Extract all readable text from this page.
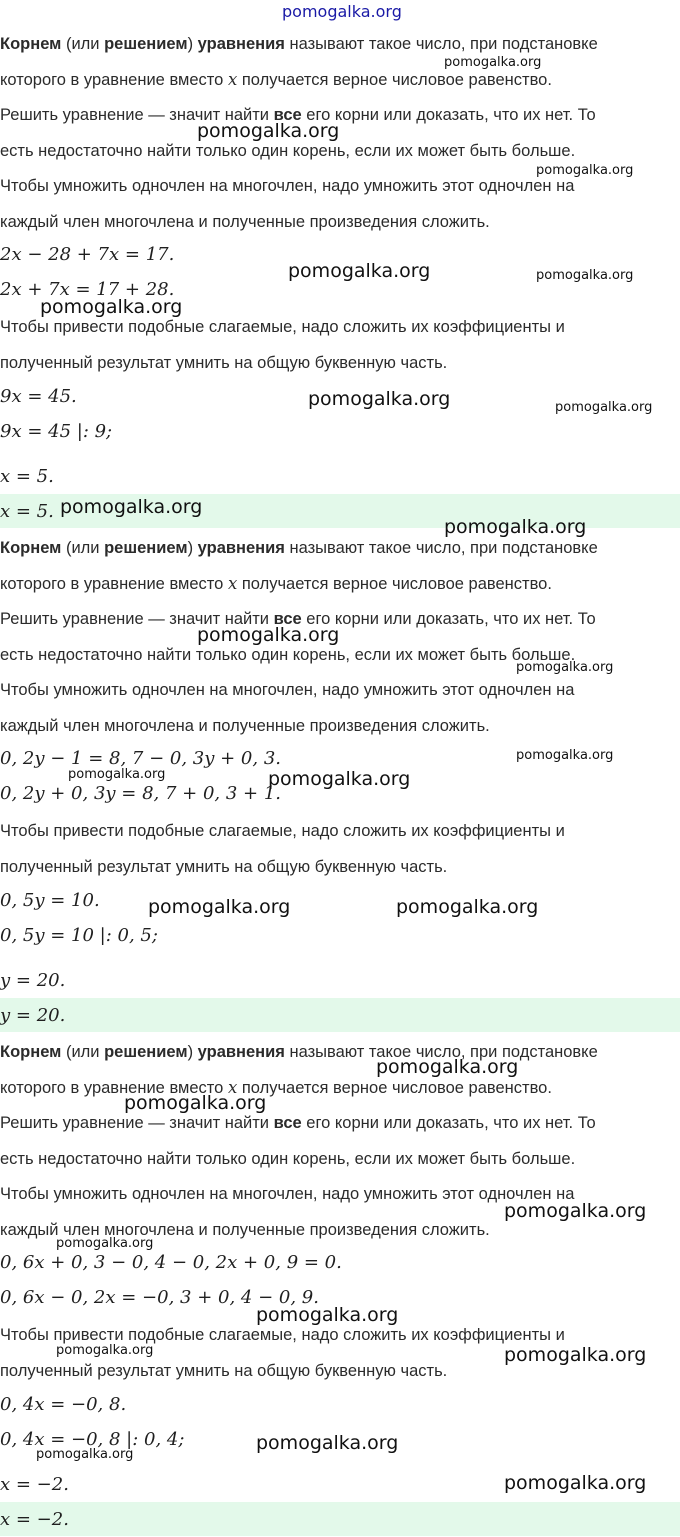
pomogalka.org
Корнем (или решением) уравнения называют такое число, при подстановке
которого в уравнение вместо x получается верное числовое равенство.
Решить уравнение — значит найти все его корни или доказать, что их нет. То
есть недостаточно найти только один корень, если их может быть больше.
Чтобы умножить одночлен на многочлен, надо умножить этот одночлен на
каждый член многочлена и полученные произведения сложить.
2x − 28 + 7x = 17.
2x + 7x = 17 + 28.
Чтобы привести подобные слагаемые, надо сложить их коэффициенты и
полученный результат умнить на общую буквенную часть.
9x = 45.
9x = 45 |: 9;
x = 5.
x = 5.
Корнем (или решением) уравнения называют такое число, при подстановке
которого в уравнение вместо x получается верное числовое равенство.
Решить уравнение — значит найти все его корни или доказать, что их нет. То
есть недостаточно найти только один корень, если их может быть больше.
Чтобы умножить одночлен на многочлен, надо умножить этот одночлен на
каждый член многочлена и полученные произведения сложить.
0, 2y − 1 = 8, 7 − 0, 3y + 0, 3.
0, 2y + 0, 3y = 8, 7 + 0, 3 + 1.
Чтобы привести подобные слагаемые, надо сложить их коэффициенты и
полученный результат умнить на общую буквенную часть.
0, 5y = 10.
0, 5y = 10 |: 0, 5;
y = 20.
y = 20.
Корнем (или решением) уравнения называют такое число, при подстановке
которого в уравнение вместо x получается верное числовое равенство.
Решить уравнение — значит найти все его корни или доказать, что их нет. То
есть недостаточно найти только один корень, если их может быть больше.
Чтобы умножить одночлен на многочлен, надо умножить этот одночлен на
каждый член многочлена и полученные произведения сложить.
0, 6x + 0, 3 − 0, 4 − 0, 2x + 0, 9 = 0.
0, 6x − 0, 2x = −0, 3 + 0, 4 − 0, 9.
Чтобы привести подобные слагаемые, надо сложить их коэффициенты и
полученный результат умнить на общую буквенную часть.
0, 4x = −0, 8.
0, 4x = −0, 8 |: 0, 4;
x = −2.
x = −2.
pomogalka.org
pomogalka.org
pomogalka.org
pomogalka.org	pomogalka.org
pomogalka.org
pomogalka.org	pomogalka.org
pomogalka.org
pomogalka.org
pomogalka.org
pomogalka.org
pomogalka.org
pomogalka.org
pomogalka.org
pomogalka.org	pomogalka.org
pomogalka.org
pomogalka.org
pomogalka.org
pomogalka.org
pomogalka.org
pomogalka.org	pomogalka.org
pomogalka.org
pomogalka.org
pomogalka.org
